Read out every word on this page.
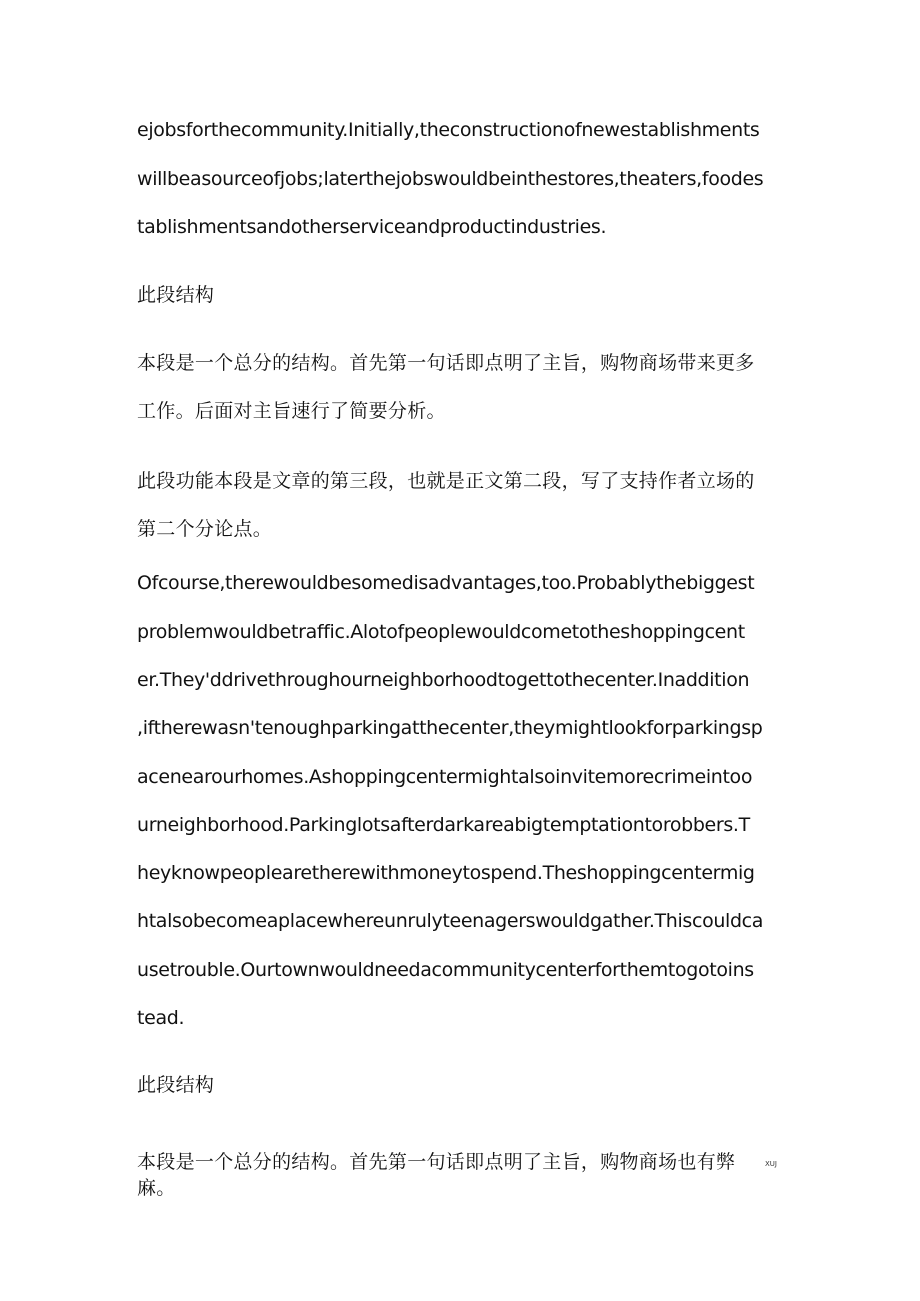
ejobsforthecommunity.Initially,theconstructionofnewestablishments
willbeasourceofjobs;laterthejobswouldbeinthestores,theaters,foodes
tablishmentsandotherserviceandproductindustries.
此段结构
本段是一个总分的结构。首先第一句话即点明了主旨，购物商场带来更多
工作。后面对主旨速行了简要分析。
此段功能本段是文章的第三段，也就是正文第二段，写了支持作者立场的
第二个分论点。
Ofcourse,therewouldbesomedisadvantages,too.Probablythebiggest
problemwouldbetraffic.Alotofpeoplewouldcometotheshoppingcent
er.They'ddrivethroughourneighborhoodtogettothecenter.Inaddition
,iftherewasn'tenoughparkingatthecenter,theymightlookforparkingsp
acenearourhomes.Ashoppingcentermightalsoinvitemorecrimeintoo
urneighborhood.Parkinglotsafterdarkareabigtemptationtorobbers.T
heyknowpeoplearetherewithmoneytospend.Theshoppingcentermig
htalsobecomeaplacewhereunrulyteenagerswouldgather.Thiscouldca
usetrouble.Ourtownwouldneedacommunitycenterforthemtogotoins
tead.
此段结构
本段是一个总分的结构。首先第一句话即点明了主旨，购物商场也有弊
麻。
XUJ
